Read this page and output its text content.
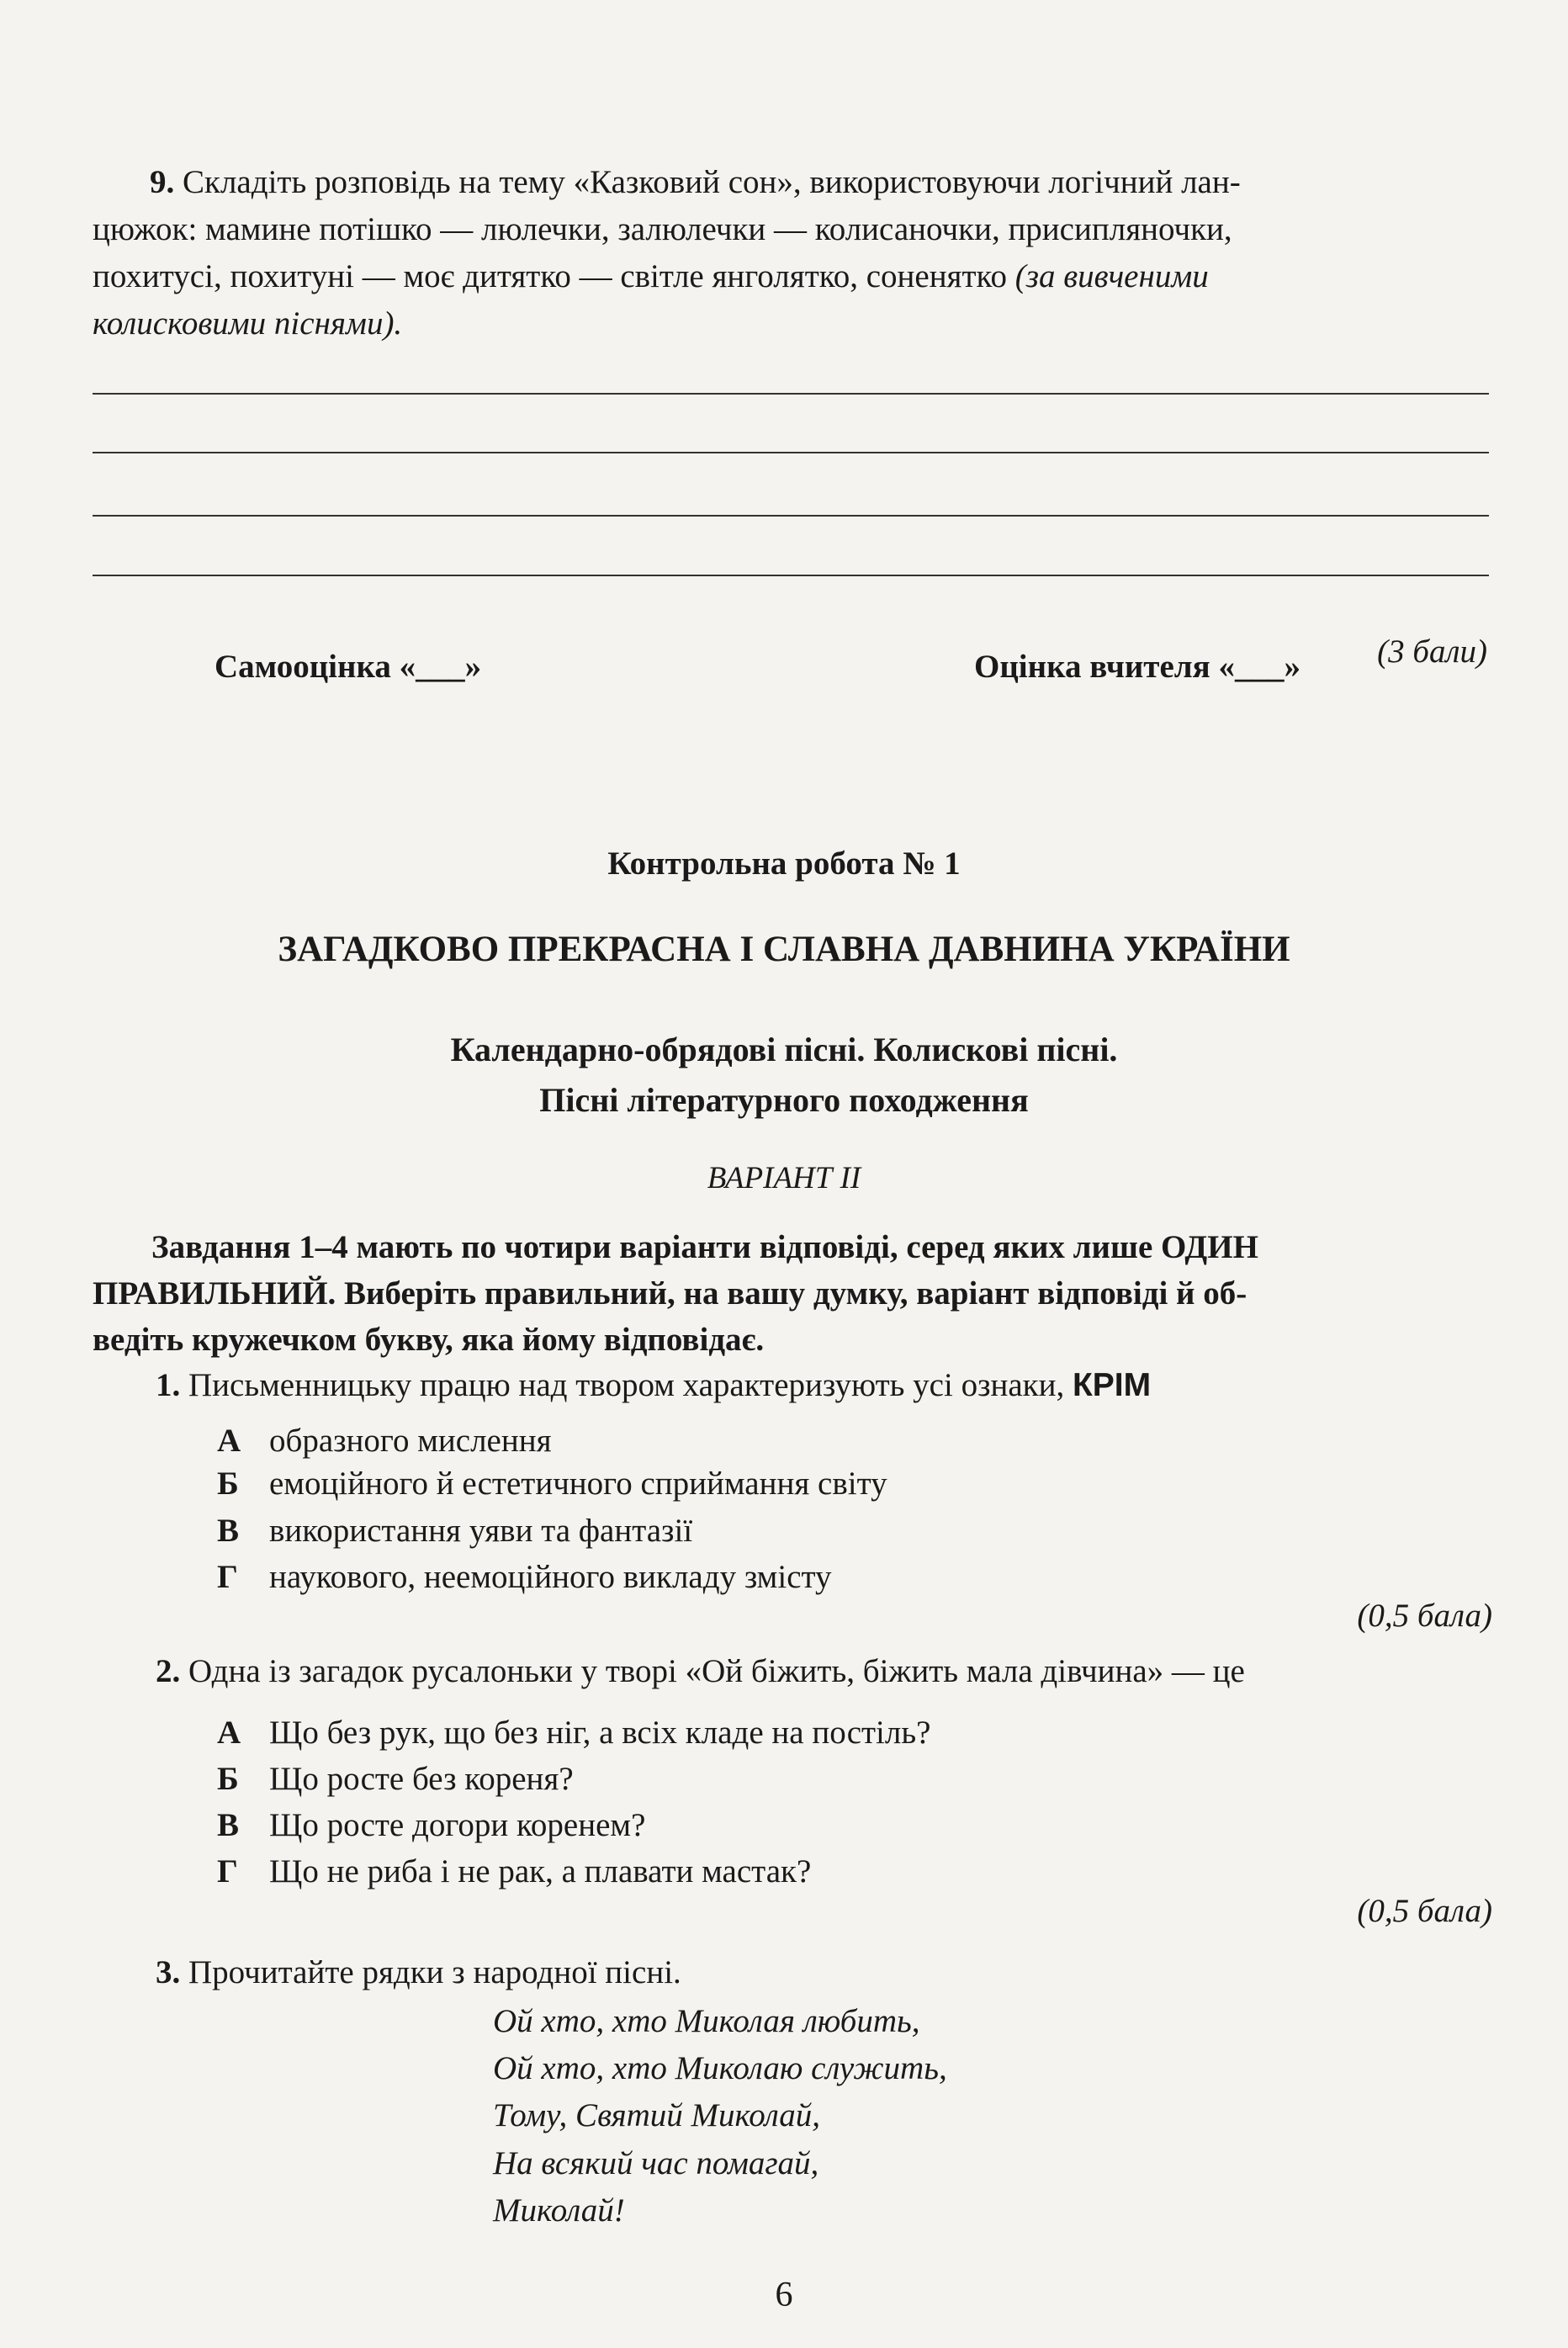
9. Складіть розповідь на тему «Казковий сон», використовуючи логічний лан-
цюжок: мамине потішко — люлечки, залюлечки — колисаночки, присипляночки,
похитусі, похитуні — моє дитятко — світле янголятко, соненятко (за вивченими
колисковими піснями).
(3 бали)
Самооцінка «___»	Оцінка вчителя «___»
Контрольна робота № 1
ЗАГАДКОВО ПРЕКРАСНА І СЛАВНА ДАВНИНА УКРАЇНИ
Календарно-обрядові пісні. Колискові пісні.
Пісні літературного походження
ВАРІАНТ ІІ
Завдання 1–4 мають по чотири варіанти відповіді, серед яких лише ОДИН
ПРАВИЛЬНИЙ. Виберіть правильний, на вашу думку, варіант відповіді й об-
ведіть кружечком букву, яка йому відповідає.
1. Письменницьку працю над твором характеризують усі ознаки, КРІМ
А образного мислення
Б емоційного й естетичного сприймання світу
В використання уяви та фантазії
Г наукового, неемоційного викладу змісту
(0,5 бала)
2. Одна із загадок русалоньки у творі «Ой біжить, біжить мала дівчина» — це
А Що без рук, що без ніг, а всіх кладе на постіль?
Б Що росте без кореня?
В Що росте догори коренем?
Г Що не риба і не рак, а плавати мастак?
(0,5 бала)
3. Прочитайте рядки з народної пісні.
Ой хто, хто Миколая любить,
Ой хто, хто Миколаю служить,
Тому, Святий Миколай,
На всякий час помагай,
Миколай!
6
